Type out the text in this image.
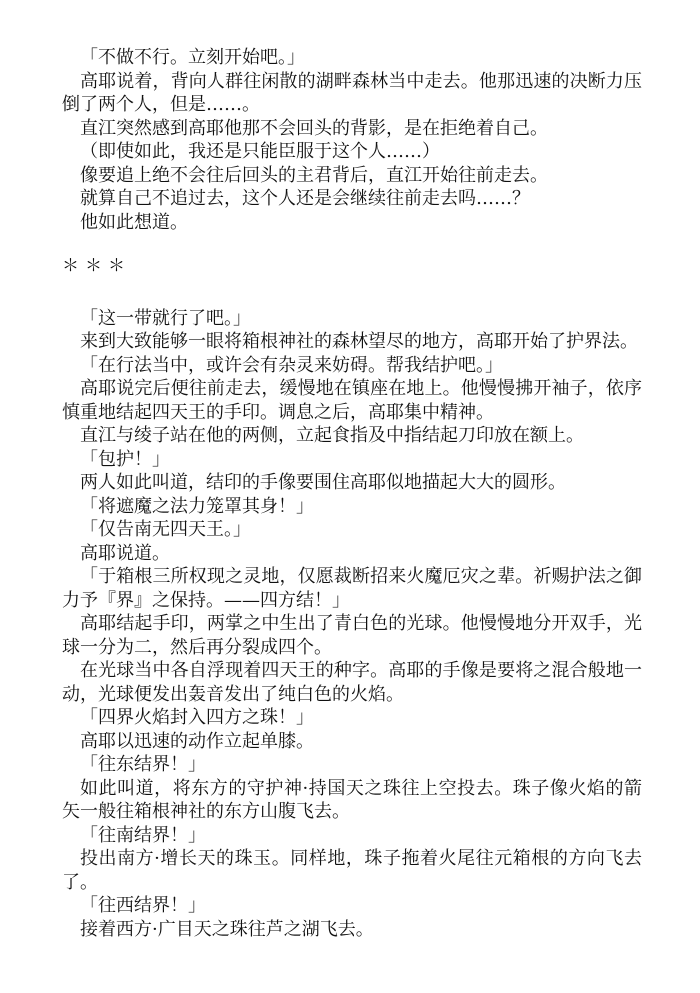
「不做不行。立刻开始吧。」

高耶说着，背向人群往闲散的湖畔森林当中走去。他那迅速的决断力压倒了两个人，但是……。

直江突然感到高耶他那不会回头的背影，是在拒绝着自己。

（即使如此，我还是只能臣服于这个人……）

像要追上绝不会往后回头的主君背后，直江开始往前走去。

就算自己不追过去，这个人还是会继续往前走去吗……？

他如此想道。

＊＊＊

「这一带就行了吧。」

来到大致能够一眼将箱根神社的森林望尽的地方，高耶开始了护界法。

「在行法当中，或许会有杂灵来妨碍。帮我结护吧。」

高耶说完后便往前走去，缓慢地在镇座在地上。他慢慢拂开袖子，依序慎重地结起四天王的手印。调息之后，高耶集中精神。

直江与绫子站在他的两侧，立起食指及中指结起刀印放在额上。

「包护！」

两人如此叫道，结印的手像要围住高耶似地描起大大的圆形。

「将遮魔之法力笼罩其身！」

「仅告南无四天王。」

高耶说道。

「于箱根三所权现之灵地，仅愿裁断招来火魔厄灾之辈。祈赐护法之御力予『界』之保持。——四方结！」

高耶结起手印，两掌之中生出了青白色的光球。他慢慢地分开双手，光球一分为二，然后再分裂成四个。

在光球当中各自浮现着四天王的种字。高耶的手像是要将之混合般地一动，光球便发出轰音发出了纯白色的火焰。

「四界火焰封入四方之珠！」

高耶以迅速的动作立起单膝。

「往东结界！」

如此叫道，将东方的守护神·持国天之珠往上空投去。珠子像火焰的箭矢一般往箱根神社的东方山腹飞去。

「往南结界！」

投出南方·增长天的珠玉。同样地，珠子拖着火尾往元箱根的方向飞去了。

「往西结界！」

接着西方·广目天之珠往芦之湖飞去。
